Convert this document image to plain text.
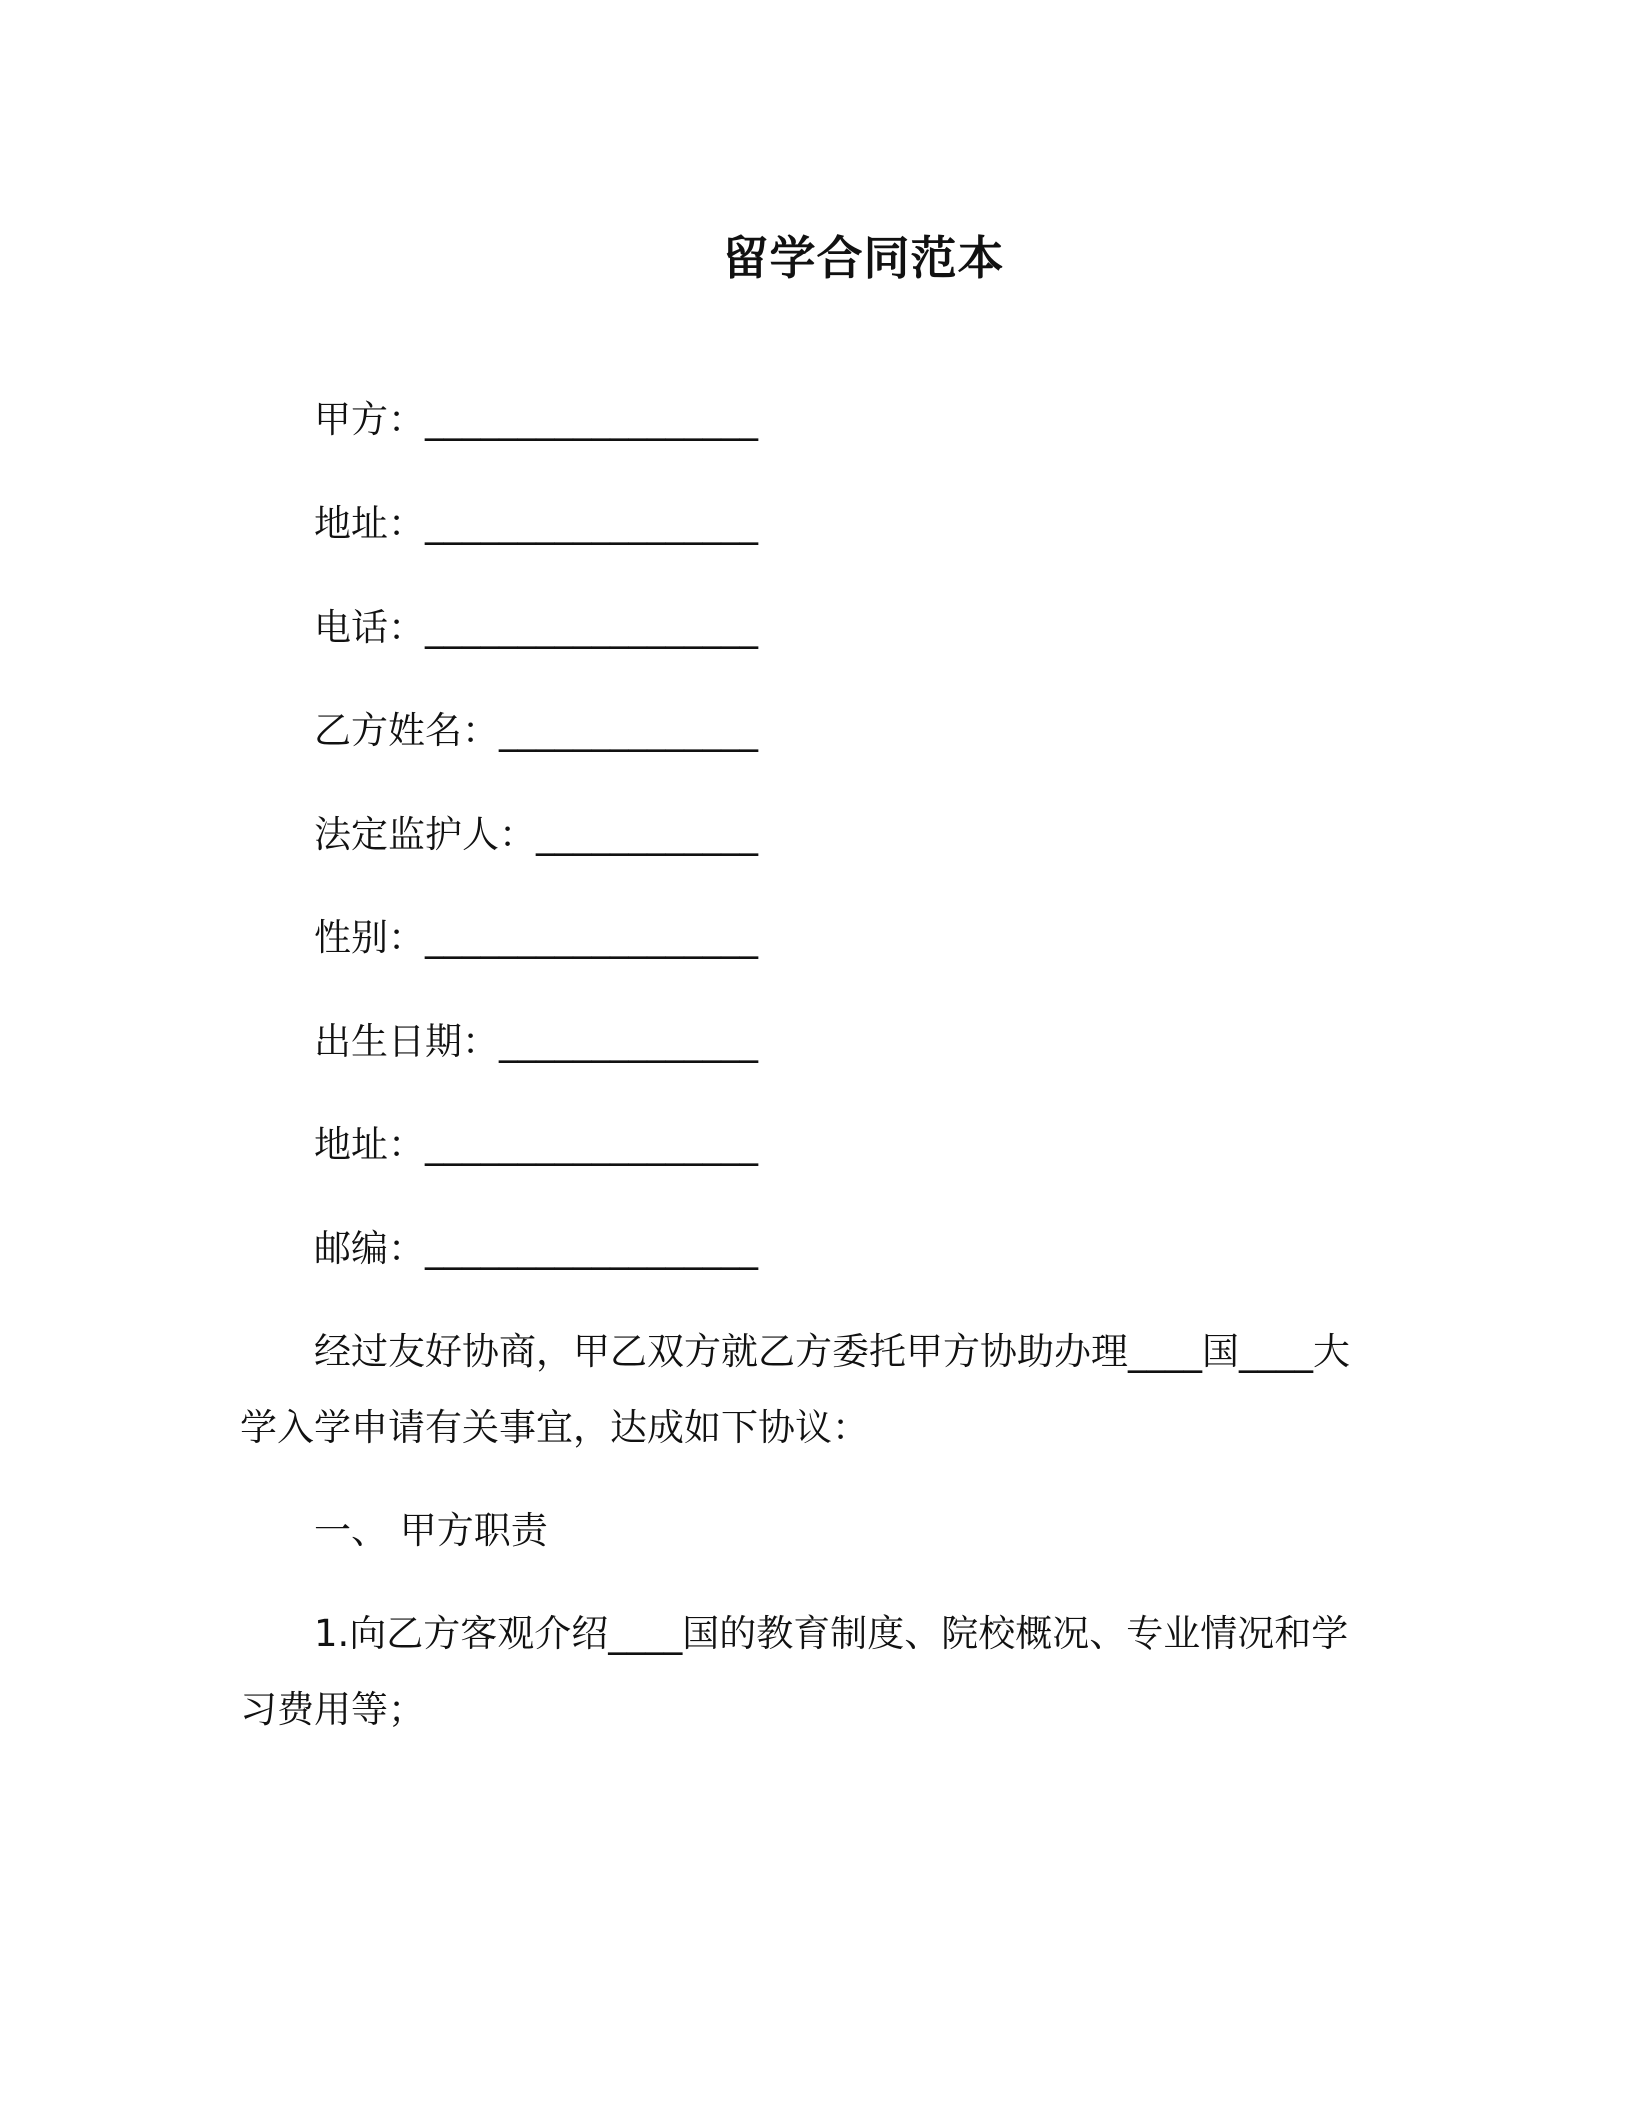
留学合同范本
甲方：__________________
地址：__________________
电话：__________________
乙方姓名：______________
法定监护人：____________
性别：__________________
出生日期：______________
地址：__________________
邮编：__________________
经过友好协商，甲乙双方就乙方委托甲方协助办理____国____大
学入学申请有关事宜，达成如下协议：
一、 甲方职责
1.向乙方客观介绍____国的教育制度、院校概况、专业情况和学
习费用等；
